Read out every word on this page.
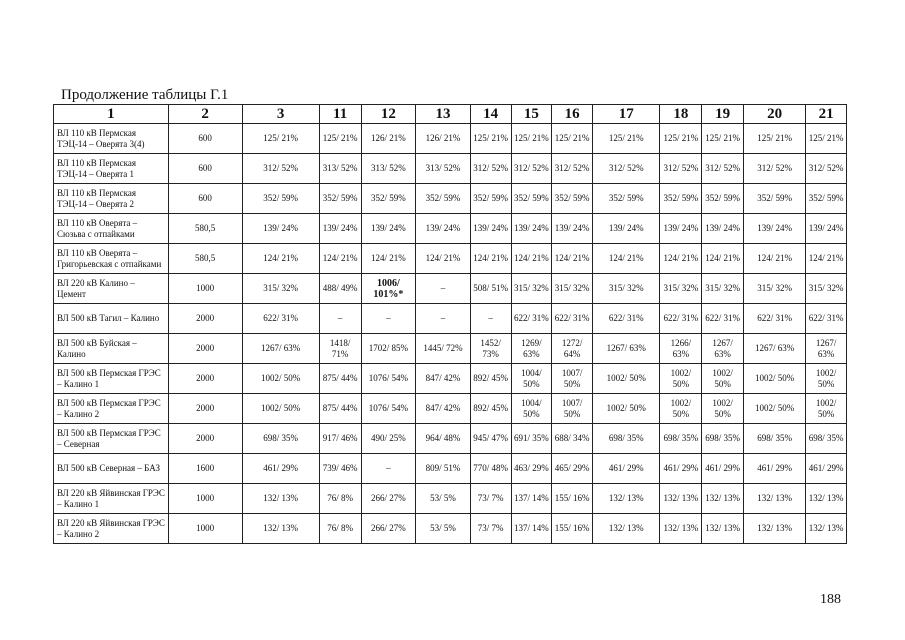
Продолжение таблицы Г.1
1	2	3	11	12	13	14	15	16	17	18	19	20	21
ВЛ 110 кВ Пермская ТЭЦ-14 – Оверята 3(4)	600	125/ 21%	125/ 21%	126/ 21%	126/ 21%	125/ 21%	125/ 21%	125/ 21%	125/ 21%	125/ 21%	125/ 21%	125/ 21%	125/ 21%
ВЛ 110 кВ Пермская ТЭЦ-14 – Оверята 1	600	312/ 52%	313/ 52%	313/ 52%	313/ 52%	312/ 52%	312/ 52%	312/ 52%	312/ 52%	312/ 52%	312/ 52%	312/ 52%	312/ 52%
ВЛ 110 кВ Пермская ТЭЦ-14 – Оверята 2	600	352/ 59%	352/ 59%	352/ 59%	352/ 59%	352/ 59%	352/ 59%	352/ 59%	352/ 59%	352/ 59%	352/ 59%	352/ 59%	352/ 59%
ВЛ 110 кВ Оверята – Сюзьва с отпайками	580,5	139/ 24%	139/ 24%	139/ 24%	139/ 24%	139/ 24%	139/ 24%	139/ 24%	139/ 24%	139/ 24%	139/ 24%	139/ 24%	139/ 24%
ВЛ 110 кВ Оверята – Григорьевская с отпайками	580,5	124/ 21%	124/ 21%	124/ 21%	124/ 21%	124/ 21%	124/ 21%	124/ 21%	124/ 21%	124/ 21%	124/ 21%	124/ 21%	124/ 21%
ВЛ 220 кВ Калино – Цемент	1000	315/ 32%	488/ 49%	1006/ 101%*	–	508/ 51%	315/ 32%	315/ 32%	315/ 32%	315/ 32%	315/ 32%	315/ 32%	315/ 32%
ВЛ 500 кВ Тагил – Калино	2000	622/ 31%	–	–	–	–	622/ 31%	622/ 31%	622/ 31%	622/ 31%	622/ 31%	622/ 31%	622/ 31%
ВЛ 500 кВ Буйская – Калино	2000	1267/ 63%	1418/ 71%	1702/ 85%	1445/ 72%	1452/ 73%	1269/ 63%	1272/ 64%	1267/ 63%	1266/ 63%	1267/ 63%	1267/ 63%	1267/ 63%
ВЛ 500 кВ Пермская ГРЭС – Калино 1	2000	1002/ 50%	875/ 44%	1076/ 54%	847/ 42%	892/ 45%	1004/ 50%	1007/ 50%	1002/ 50%	1002/ 50%	1002/ 50%	1002/ 50%	1002/ 50%
ВЛ 500 кВ Пермская ГРЭС – Калино 2	2000	1002/ 50%	875/ 44%	1076/ 54%	847/ 42%	892/ 45%	1004/ 50%	1007/ 50%	1002/ 50%	1002/ 50%	1002/ 50%	1002/ 50%	1002/ 50%
ВЛ 500 кВ Пермская ГРЭС – Северная	2000	698/ 35%	917/ 46%	490/ 25%	964/ 48%	945/ 47%	691/ 35%	688/ 34%	698/ 35%	698/ 35%	698/ 35%	698/ 35%	698/ 35%
ВЛ 500 кВ Северная – БАЗ	1600	461/ 29%	739/ 46%	–	809/ 51%	770/ 48%	463/ 29%	465/ 29%	461/ 29%	461/ 29%	461/ 29%	461/ 29%	461/ 29%
ВЛ 220 кВ Яйвинская ГРЭС – Калино 1	1000	132/ 13%	76/ 8%	266/ 27%	53/ 5%	73/ 7%	137/ 14%	155/ 16%	132/ 13%	132/ 13%	132/ 13%	132/ 13%	132/ 13%
ВЛ 220 кВ Яйвинская ГРЭС – Калино 2	1000	132/ 13%	76/ 8%	266/ 27%	53/ 5%	73/ 7%	137/ 14%	155/ 16%	132/ 13%	132/ 13%	132/ 13%	132/ 13%	132/ 13%
188
